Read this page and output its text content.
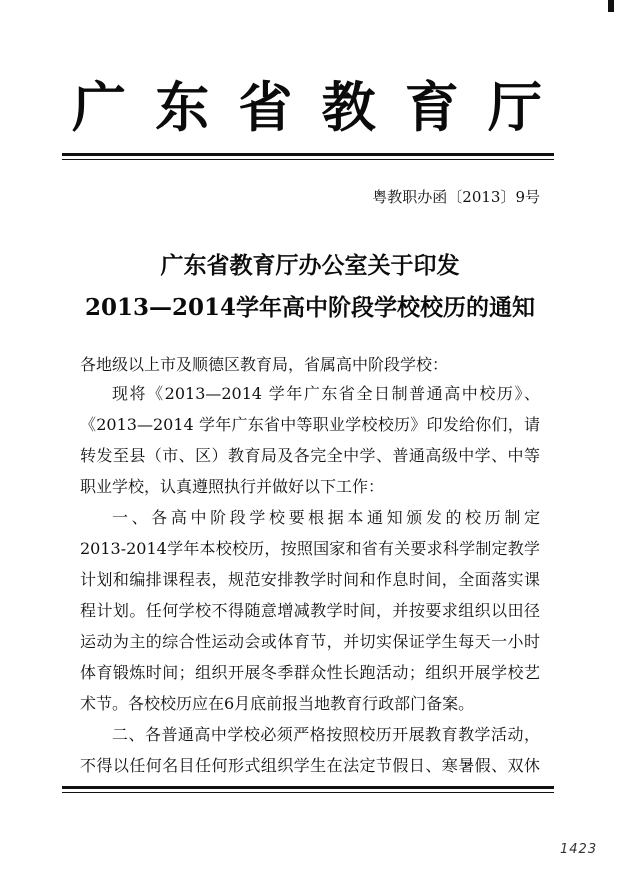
广 东 省 教 育 厅
粤教职办函〔2013〕9号
广东省教育厅办公室关于印发
2013—2014学年高中阶段学校校历的通知
各地级以上市及顺德区教育局，省属高中阶段学校：
现将《2013—2014 学年广东省全日制普通高中校历》、
《2013—2014 学年广东省中等职业学校校历》印发给你们，请
转发至县（市、区）教育局及各完全中学、普通高级中学、中等
职业学校，认真遵照执行并做好以下工作：
一、各高中阶段学校要根据本通知颁发的校历制定
2013-2014学年本校校历，按照国家和省有关要求科学制定教学
计划和编排课程表，规范安排教学时间和作息时间，全面落实课
程计划。任何学校不得随意增减教学时间，并按要求组织以田径
运动为主的综合性运动会或体育节，并切实保证学生每天一小时
体育锻炼时间；组织开展冬季群众性长跑活动；组织开展学校艺
术节。各校校历应在6月底前报当地教育行政部门备案。
二、各普通高中学校必须严格按照校历开展教育教学活动，
不得以任何名目任何形式组织学生在法定节假日、寒暑假、双休
1423
